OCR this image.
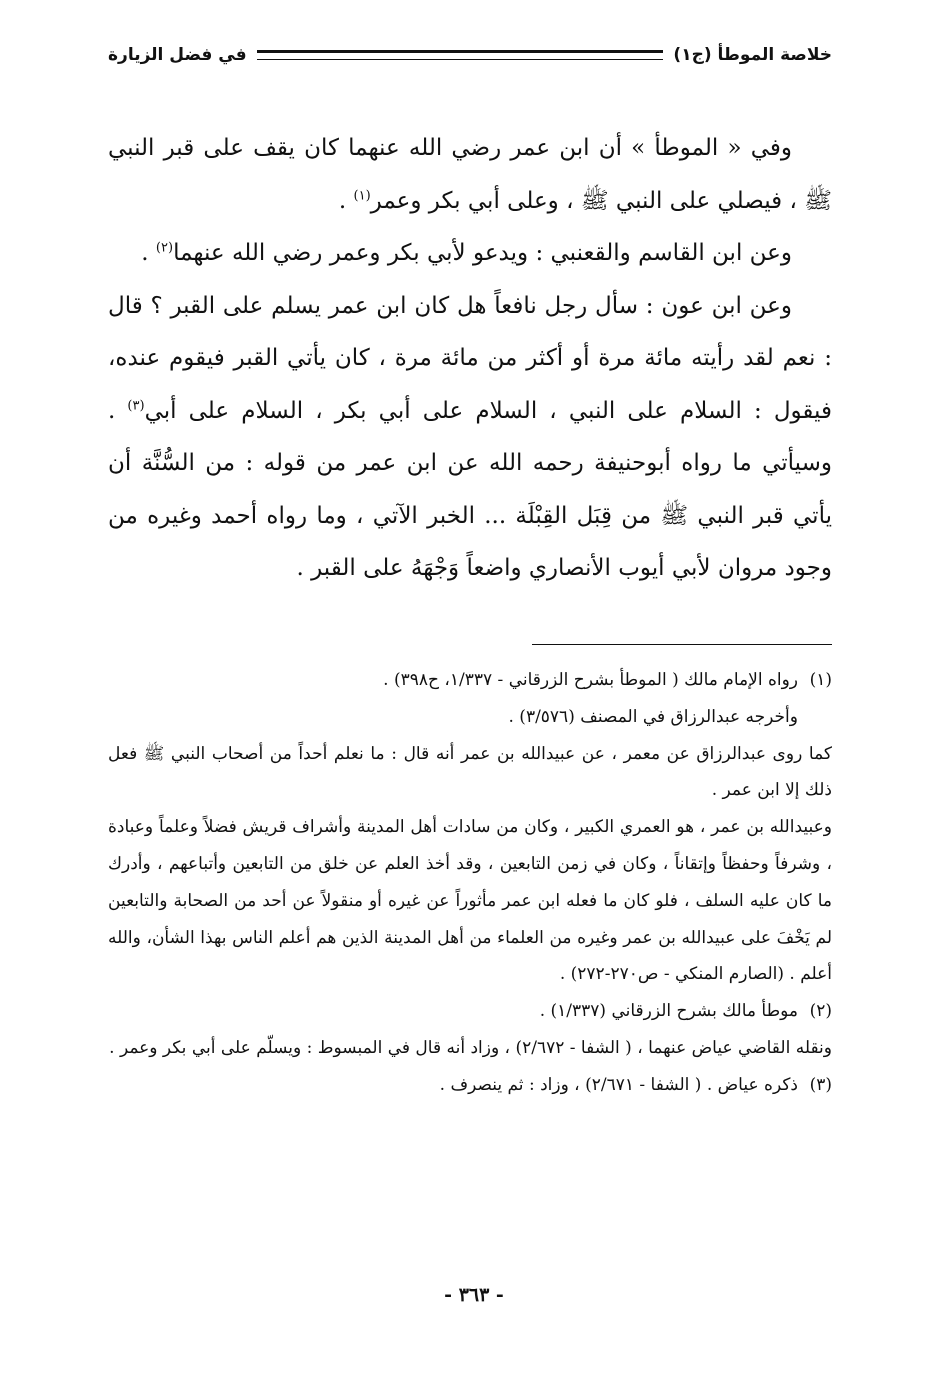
خلاصة الموطأ (ج١)
في فضل الزيارة

وفي « الموطأ » أن ابن عمر رضي الله عنهما كان يقف على قبر النبي ﷺ ، فيصلي على النبي ﷺ ، وعلى أبي بكر وعمر$^{(١)}$ .

وعن ابن القاسم والقعنبي : ويدعو لأبي بكر وعمر رضي الله عنهما$^{(٢)}$ .

وعن ابن عون : سأل رجل نافعاً هل كان ابن عمر يسلم على القبر ؟ قال : نعم لقد رأيته مائة مرة أو أكثر من مائة مرة ، كان يأتي القبر فيقوم عنده، فيقول : السلام على النبي ، السلام على أبي بكر ، السلام على أبي$^{(٣)}$ . وسيأتي ما رواه أبوحنيفة رحمه الله عن ابن عمر من قوله : من السُّنَّة أن يأتي قبر النبي ﷺ من قِبَل القِبْلَة ... الخبر الآتي ، وما رواه أحمد وغيره من وجود مروان لأبي أيوب الأنصاري واضعاً وَجْهَهُ على القبر .

(١)رواه الإمام مالك ( الموطأ بشرح الزرقاني - ١/٣٣٧، ح٣٩٨) .

وأخرجه عبدالرزاق في المصنف (٣/٥٧٦) .

كما روى عبدالرزاق عن معمر ، عن عبيدالله بن عمر أنه قال : ما نعلم أحداً من أصحاب النبي ﷺ فعل ذلك إلا ابن عمر .

وعبيدالله بن عمر ، هو العمري الكبير ، وكان من سادات أهل المدينة وأشراف قريش فضلاً وعلماً وعبادة ، وشرفاً وحفظاً وإتقاناً ، وكان في زمن التابعين ، وقد أخذ العلم عن خلق من التابعين وأتباعهم ، وأدرك ما كان عليه السلف ، فلو كان ما فعله ابن عمر مأثوراً عن غيره أو منقولاً عن أحد من الصحابة والتابعين لم يَخْفَ على عبيدالله بن عمر وغيره من العلماء من أهل المدينة الذين هم أعلم الناس بهذا الشأن، والله أعلم . (الصارم المنكي - ص٢٧٠-٢٧٢) .

(٢)موطأ مالك بشرح الزرقاني (١/٣٣٧) .

ونقله القاضي عياض عنهما ، ( الشفا - ٢/٦٧٢) ، وزاد أنه قال في المبسوط : ويسلّم على أبي بكر وعمر .

(٣)ذكره عياض . ( الشفا - ٢/٦٧١) ، وزاد : ثم ينصرف .

- ٣٦٣ -
